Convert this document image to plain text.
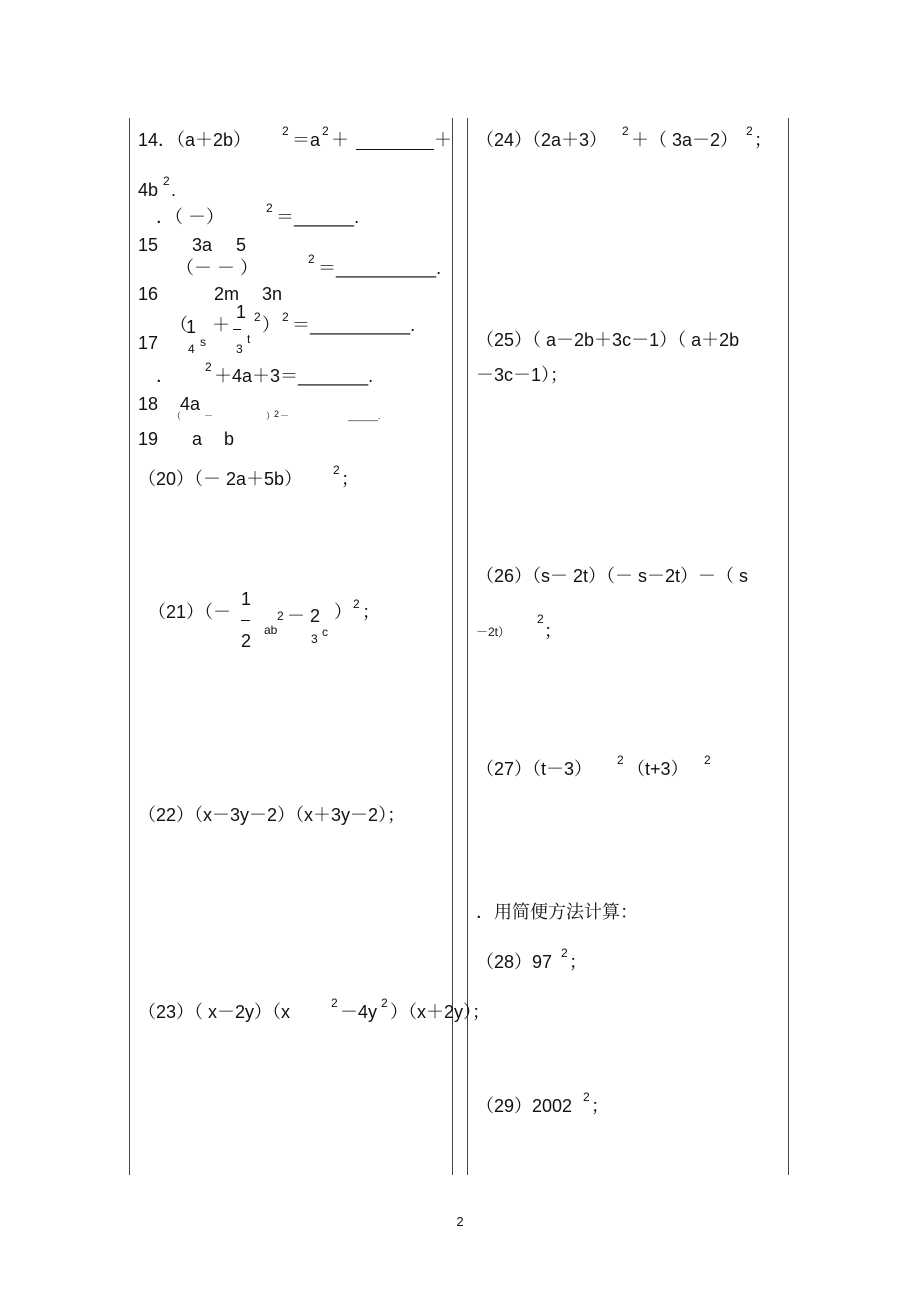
14．（a＋2b）	2 ＝a 2 ＋	＋
4b 2 .
．（ －）	2 ＝______.
15 3a 5
（－ － ）	2 ＝__________.
16	2m 3n
1
（
1 ＋ 2 ） 2 ＝__________.
17 4 s	3
t
．	2 ＋4a＋3＝_______.
18 4a
（	－	）
2 －	______.
19 a b
（20）（－ 2a＋5b）	2 ；
1
（21）（－	2 ；
2 － 2 ）
ab	c
2	3
（22）（x－3y－2）（x＋3y－2）；
（23）（ x－2y）（x	2 －4y 2 ）（x＋2y）；
（24）（2a＋3） 2 ＋（ 3a－2） 2 ；
（25）（ a－2b＋3c－1）（ a＋2b
－3c－1）；
（26）（s－ 2t）（－ s－2t）－（ s
－2t）
2
；
（27）（t－3） 2 （t+3） 2
．用简便方法计算：
（28）97 2 ；
（29）2002 2 ；
2
